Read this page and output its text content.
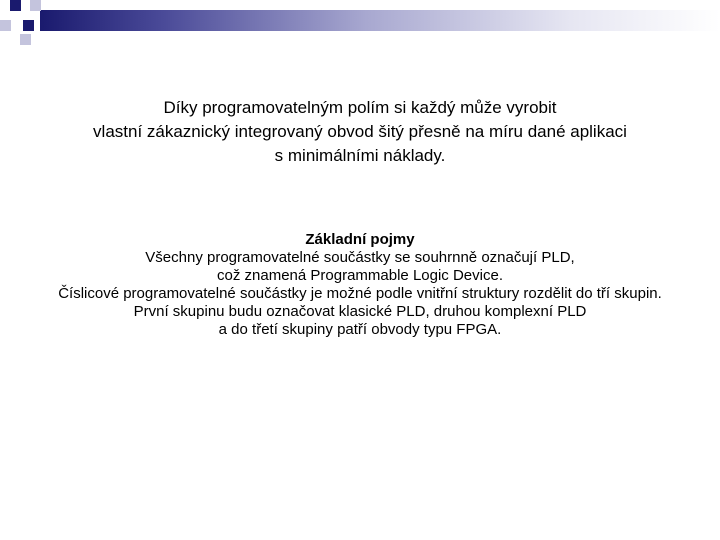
Díky programovatelným polím si každý může vyrobit
vlastní zákaznický integrovaný obvod šitý přesně na míru dané aplikaci
s minimálními náklady.
Základní pojmy
Všechny programovatelné součástky se souhrnně označují PLD,
což znamená Programmable Logic Device.
Číslicové programovatelné součástky je možné podle vnitřní struktury rozdělit do tří skupin.
První skupinu budu označovat klasické PLD, druhou komplexní PLD
a do třetí skupiny patří obvody typu FPGA.
